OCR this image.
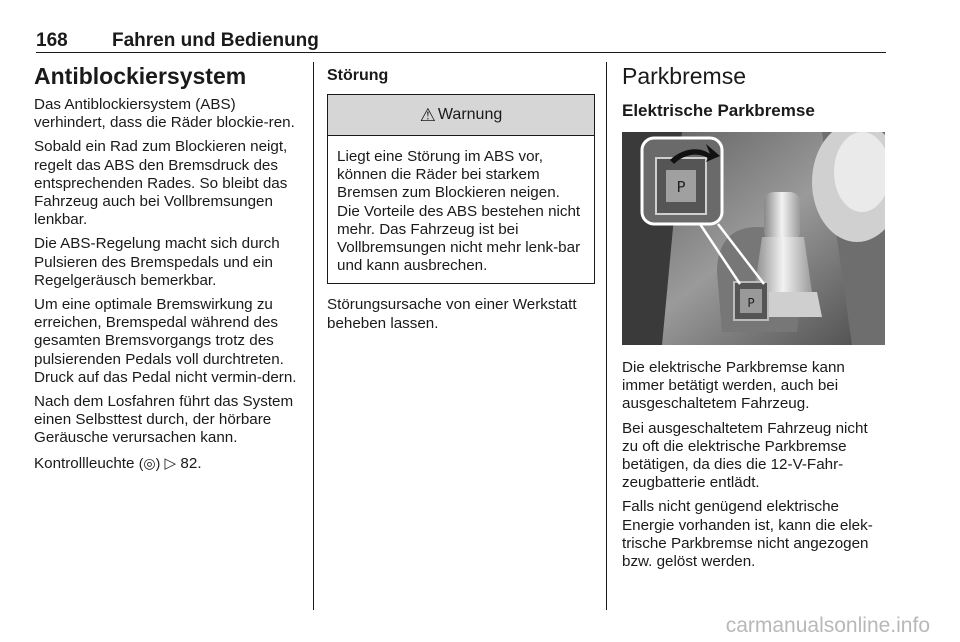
168 Fahren und Bedienung
Antiblockiersystem

Das Antiblockiersystem (ABS) verhindert, dass die Räder blockie-ren.

Sobald ein Rad zum Blockieren neigt, regelt das ABS den Bremsdruck des entsprechenden Rades. So bleibt das Fahrzeug auch bei Vollbremsungen lenkbar.

Die ABS-Regelung macht sich durch Pulsieren des Bremspedals und ein Regelgeräusch bemerkbar.

Um eine optimale Bremswirkung zu erreichen, Bremspedal während des gesamten Bremsvorgangs trotz des pulsierenden Pedals voll durchtreten. Druck auf das Pedal nicht vermin-dern.

Nach dem Losfahren führt das System einen Selbsttest durch, der hörbare Geräusche verursachen kann.

Kontrollleuchte (◎) ▷ 82.

Störung
⚠ Warnung

Liegt eine Störung im ABS vor, können die Räder bei starkem Bremsen zum Blockieren neigen. Die Vorteile des ABS bestehen nicht mehr. Das Fahrzeug ist bei Vollbremsungen nicht mehr lenk-bar und kann ausbrechen.

Störungsursache von einer Werkstatt beheben lassen.

Parkbremse
Elektrische Parkbremse
P
P

Die elektrische Parkbremse kann immer betätigt werden, auch bei ausgeschaltetem Fahrzeug.

Bei ausgeschaltetem Fahrzeug nicht zu oft die elektrische Parkbremse betätigen, da dies die 12-V-Fahr-zeugbatterie entlädt.

Falls nicht genügend elektrische Energie vorhanden ist, kann die elek-trische Parkbremse nicht angezogen bzw. gelöst werden.

carmanualsonline.info
